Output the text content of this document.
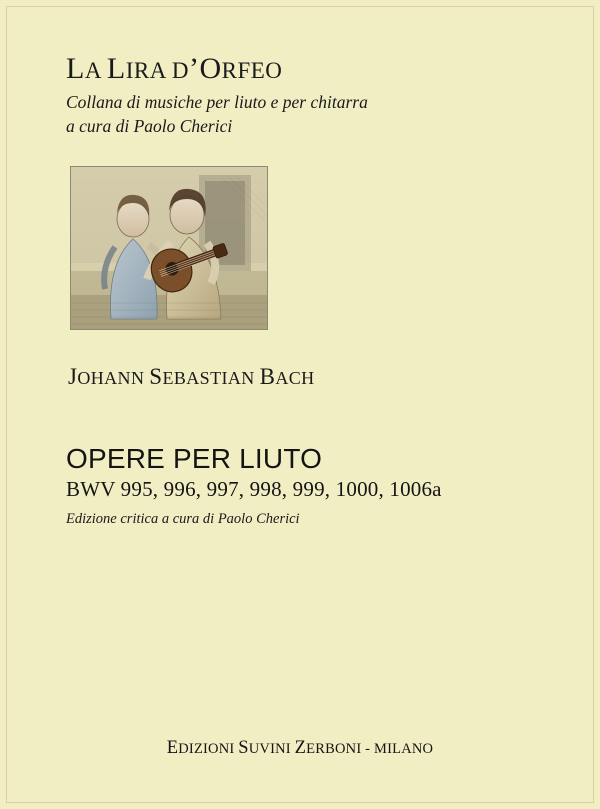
LA LIRA D’ORFEO
Collana di musiche per liuto e per chitarra
a cura di Paolo Cherici
JOHANN SEBASTIAN BACH
OPERE PER LIUTO
BWV 995, 996, 997, 998, 999, 1000, 1006a
Edizione critica a cura di Paolo Cherici
EDIZIONI SUVINI ZERBONI - MILANO
